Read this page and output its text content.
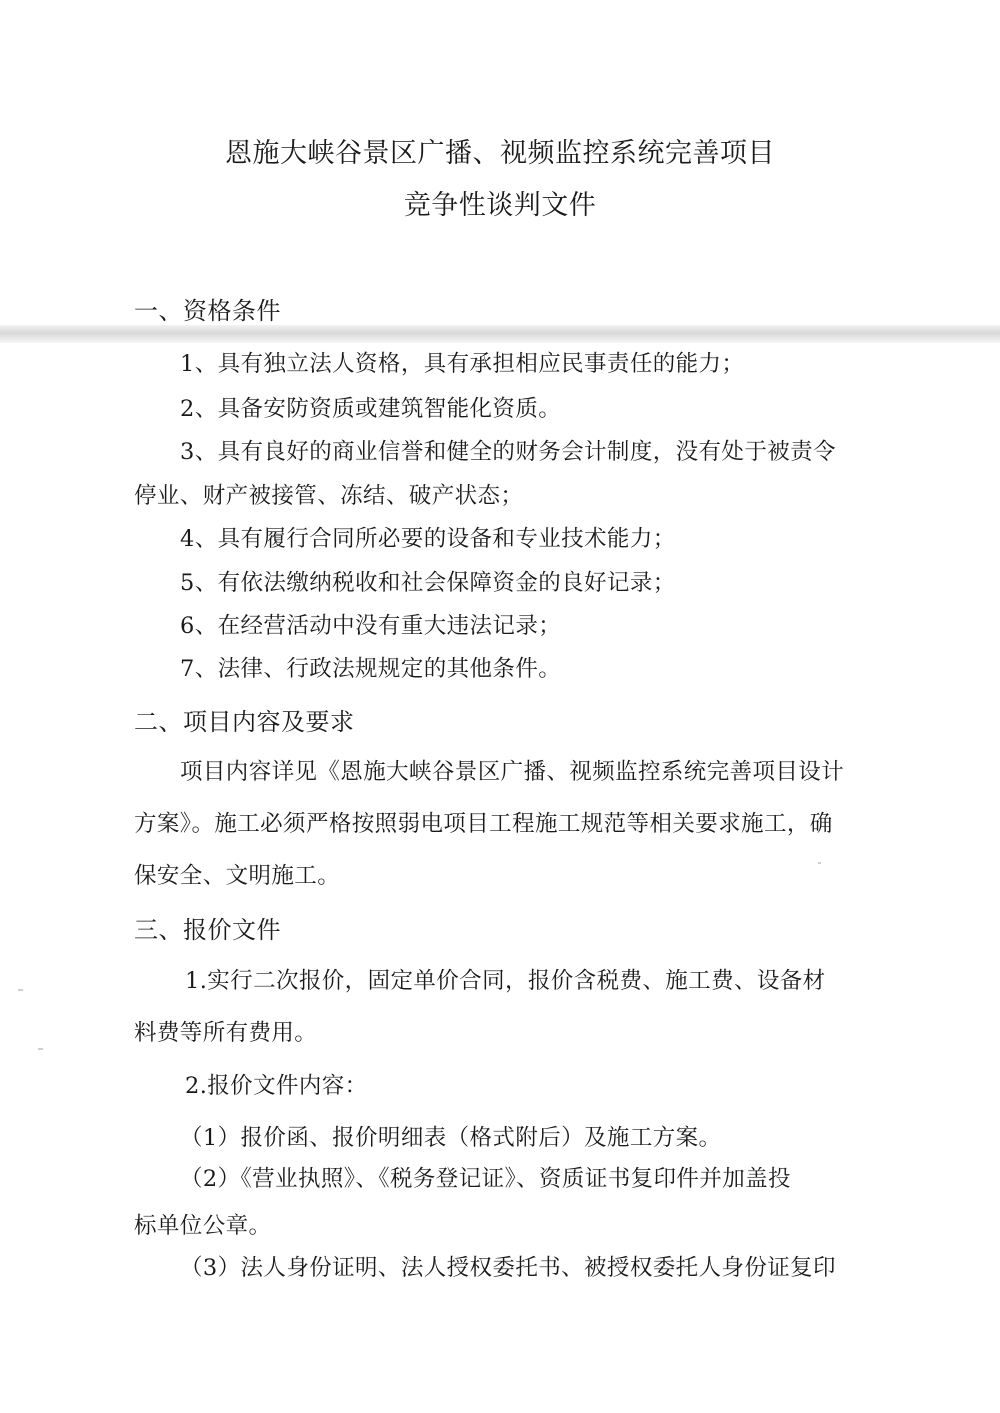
恩施大峡谷景区广播、视频监控系统完善项目
竞争性谈判文件
一、资格条件
1、具有独立法人资格，具有承担相应民事责任的能力；
2、具备安防资质或建筑智能化资质。
3、具有良好的商业信誉和健全的财务会计制度，没有处于被责令
停业、财产被接管、冻结、破产状态；
4、具有履行合同所必要的设备和专业技术能力；
5、有依法缴纳税收和社会保障资金的良好记录；
6、在经营活动中没有重大违法记录；
7、法律、行政法规规定的其他条件。
二、项目内容及要求
项目内容详见《恩施大峡谷景区广播、视频监控系统完善项目设计
方案》。施工必须严格按照弱电项目工程施工规范等相关要求施工，确
保安全、文明施工。
三、报价文件
1.实行二次报价，固定单价合同，报价含税费、施工费、设备材
料费等所有费用。
2.报价文件内容：
（1）报价函、报价明细表（格式附后）及施工方案。
（2）《营业执照》、《税务登记证》、资质证书复印件并加盖投
标单位公章。
（3）法人身份证明、法人授权委托书、被授权委托人身份证复印
